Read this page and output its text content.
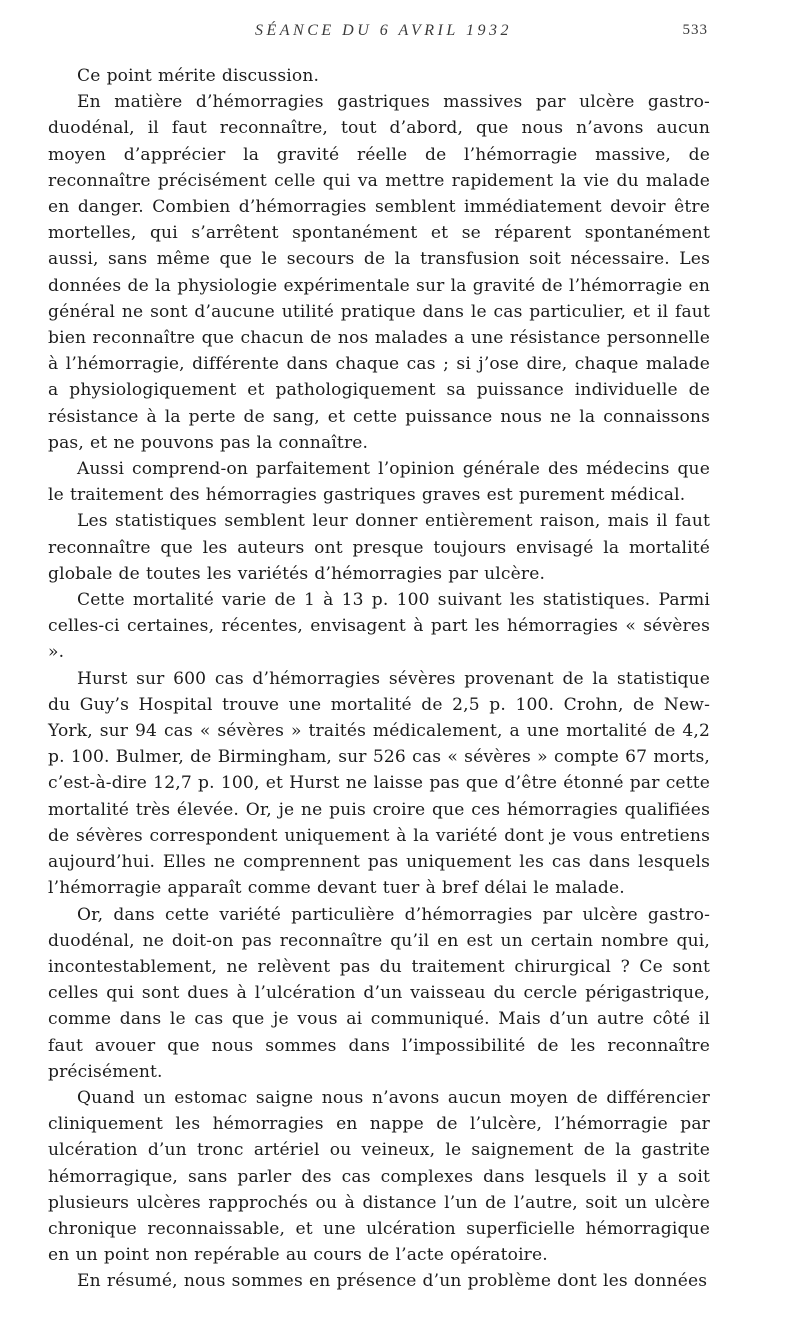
SÉANCE DU 6 AVRIL 1932	533

Ce point mérite discussion.

En matière d’hémorragies gastriques massives par ulcère gastro-duodénal, il faut reconnaître, tout d’abord, que nous n’avons aucun moyen d’apprécier la gravité réelle de l’hémorragie massive, de reconnaître précisément celle qui va mettre rapidement la vie du malade en danger. Combien d’hémorragies semblent immédiatement devoir être mortelles, qui s’arrêtent spontanément et se réparent spontanément aussi, sans même que le secours de la transfusion soit nécessaire. Les données de la physiologie expérimentale sur la gravité de l’hémorragie en général ne sont d’aucune utilité pratique dans le cas particulier, et il faut bien reconnaître que chacun de nos malades a une résistance personnelle à l’hémorragie, différente dans chaque cas ; si j’ose dire, chaque malade a physiologiquement et pathologiquement sa puissance individuelle de résistance à la perte de sang, et cette puissance nous ne la connaissons pas, et ne pouvons pas la connaître.

Aussi comprend-on parfaitement l’opinion générale des médecins que le traitement des hémorragies gastriques graves est purement médical.

Les statistiques semblent leur donner entièrement raison, mais il faut reconnaître que les auteurs ont presque toujours envisagé la mortalité globale de toutes les variétés d’hémorragies par ulcère.

Cette mortalité varie de 1 à 13 p. 100 suivant les statistiques. Parmi celles-ci certaines, récentes, envisagent à part les hémorragies « sévères ».

Hurst sur 600 cas d’hémorragies sévères provenant de la statistique du Guy’s Hospital trouve une mortalité de 2,5 p. 100. Crohn, de New-York, sur 94 cas « sévères » traités médicalement, a une mortalité de 4,2 p. 100. Bulmer, de Birmingham, sur 526 cas « sévères » compte 67 morts, c’est-à-dire 12,7 p. 100, et Hurst ne laisse pas que d’être étonné par cette mortalité très élevée. Or, je ne puis croire que ces hémorragies qualifiées de sévères correspondent uniquement à la variété dont je vous entretiens aujourd’hui. Elles ne comprennent pas uniquement les cas dans lesquels l’hémorragie apparaît comme devant tuer à bref délai le malade.

Or, dans cette variété particulière d’hémorragies par ulcère gastro-duodénal, ne doit-on pas reconnaître qu’il en est un certain nombre qui, incontestablement, ne relèvent pas du traitement chirurgical ? Ce sont celles qui sont dues à l’ulcération d’un vaisseau du cercle périgastrique, comme dans le cas que je vous ai communiqué. Mais d’un autre côté il faut avouer que nous sommes dans l’impossibilité de les reconnaître précisément.

Quand un estomac saigne nous n’avons aucun moyen de différencier cliniquement les hémorragies en nappe de l’ulcère, l’hémorragie par ulcération d’un tronc artériel ou veineux, le saignement de la gastrite hémorragique, sans parler des cas complexes dans lesquels il y a soit plusieurs ulcères rapprochés ou à distance l’un de l’autre, soit un ulcère chronique reconnaissable, et une ulcération superficielle hémorragique en un point non repérable au cours de l’acte opératoire.

En résumé, nous sommes en présence d’un problème dont les données
